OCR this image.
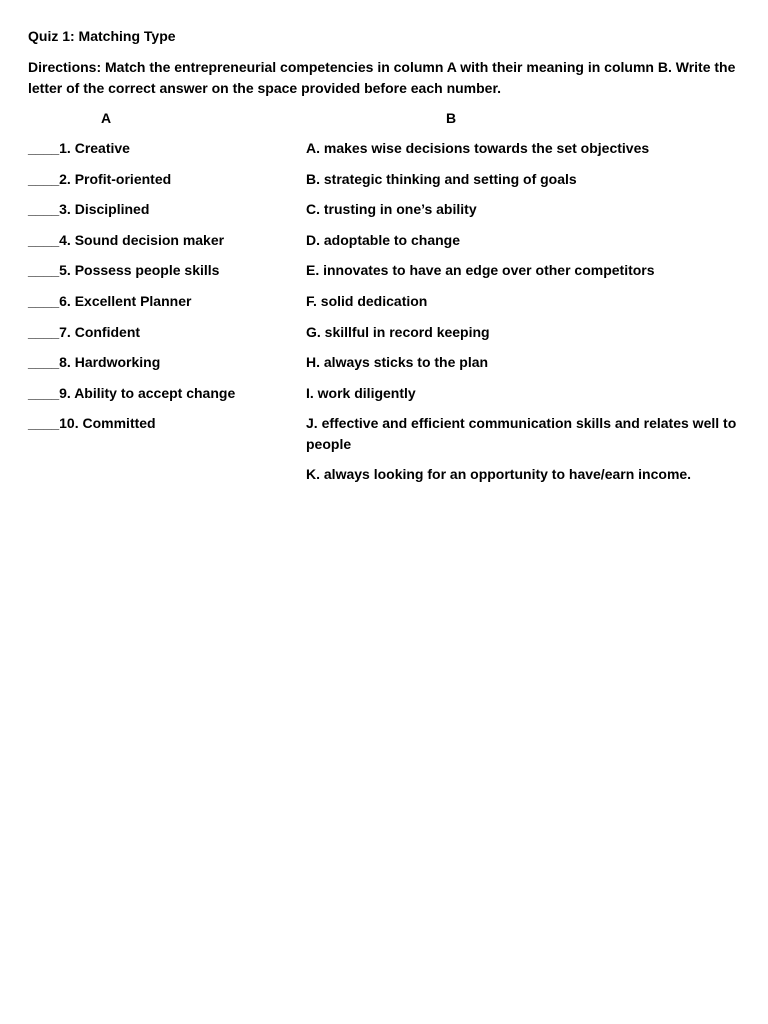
Quiz 1: Matching Type
Directions: Match the entrepreneurial competencies in column A with their meaning in column B. Write the letter of the correct answer on the space provided before each number.
A	B
____1. Creative
____2. Profit-oriented
____3. Disciplined
____4. Sound decision maker
____5. Possess people skills
____6. Excellent Planner
____7. Confident
____8. Hardworking
____9. Ability to accept change
____10. Committed
A. makes wise decisions towards the set objectives
B. strategic thinking and setting of goals
C. trusting in one’s ability
D. adoptable to change
E. innovates to have an edge over other competitors
F. solid dedication
G. skillful in record keeping
H. always sticks to the plan
I. work diligently
J. effective and efficient communication skills and relates well to people
K. always looking for an opportunity to have/earn income.
